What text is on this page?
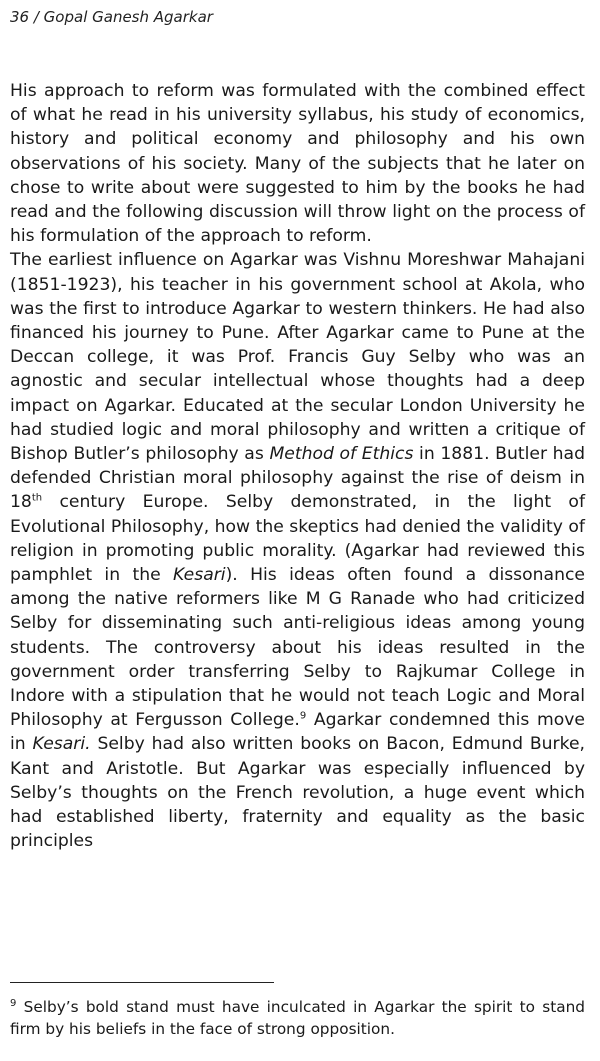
36 / Gopal Ganesh Agarkar

His approach to reform was formulated with the combined effect of what he read in his university syllabus, his study of economics, history and political economy and philosophy and his own observations of his society. Many of the subjects that he later on chose to write about were suggested to him by the books he had read and the following discussion will throw light on the process of his formulation of the approach to reform.

The earliest influence on Agarkar was Vishnu Moreshwar Mahajani (1851-1923), his teacher in his government school at Akola, who was the first to introduce Agarkar to western thinkers. He had also financed his journey to Pune. After Agarkar came to Pune at the Deccan college, it was Prof. Francis Guy Selby who was an agnostic and secular intellectual whose thoughts had a deep impact on Agarkar. Educated at the secular London University he had studied logic and moral philosophy and written a critique of Bishop Butler’s philosophy as Method of Ethics in 1881. Butler had defended Christian moral philosophy against the rise of deism in 18th century Europe. Selby demonstrated, in the light of Evolutional Philosophy, how the skeptics had denied the validity of religion in promoting public morality. (Agarkar had reviewed this pamphlet in the Kesari). His ideas often found a dissonance among the native reformers like M G Ranade who had criticized Selby for disseminating such anti-religious ideas among young students. The controversy about his ideas resulted in the government order transferring Selby to Rajkumar College in Indore with a stipulation that he would not teach Logic and Moral Philosophy at Fergusson College.$^9$ Agarkar condemned this move in Kesari. Selby had also written books on Bacon, Edmund Burke, Kant and Aristotle. But Agarkar was especially influenced by Selby’s thoughts on the French revolution, a huge event which had established liberty, fraternity and equality as the basic principles

$^9$ Selby’s bold stand must have inculcated in Agarkar the spirit to stand firm by his beliefs in the face of strong opposition.
